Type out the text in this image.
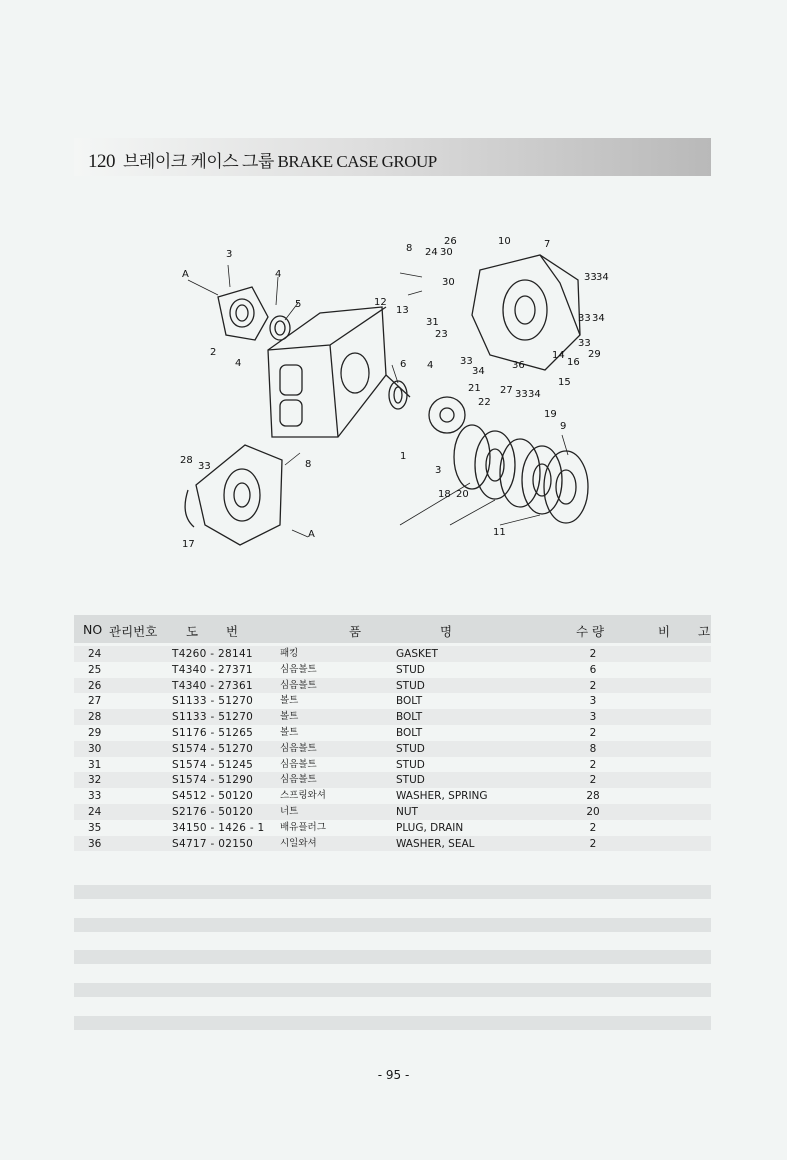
120 브레이크 케이스 그룹 BRAKE CASE GROUP
A
3
4
5
2
4	6 4
1
3
7
8
28
33
17
A
8 24 30
26	10
12
13
30
31
23
33
34
27 33 34
36
14
16
15
29
33 34
33 34
33
21
22
19
9
18 20
11
NO 관리번호 도 번	품	명	수 량	비 고
24	T4260 - 28141	패킹	GASKET	2
25	T4340 - 27371	심음볼트	STUD	6
26	T4340 - 27361	심음볼트	STUD	2
27	S1133 - 51270	볼트	BOLT	3
28	S1133 - 51270	볼트	BOLT	3
29	S1176 - 51265	볼트	BOLT	2
30	S1574 - 51270	심음볼트	STUD	8
31	S1574 - 51245	심음볼트	STUD	2
32	S1574 - 51290	심음볼트	STUD	2
33	S4512 - 50120	스프링와셔	WASHER, SPRING	28
24	S2176 - 50120	너트	NUT	20
35	34150 - 1426 - 1 배유플러그	PLUG, DRAIN	2
36	S4717 - 02150	시일와셔	WASHER, SEAL	2
- 95 -
